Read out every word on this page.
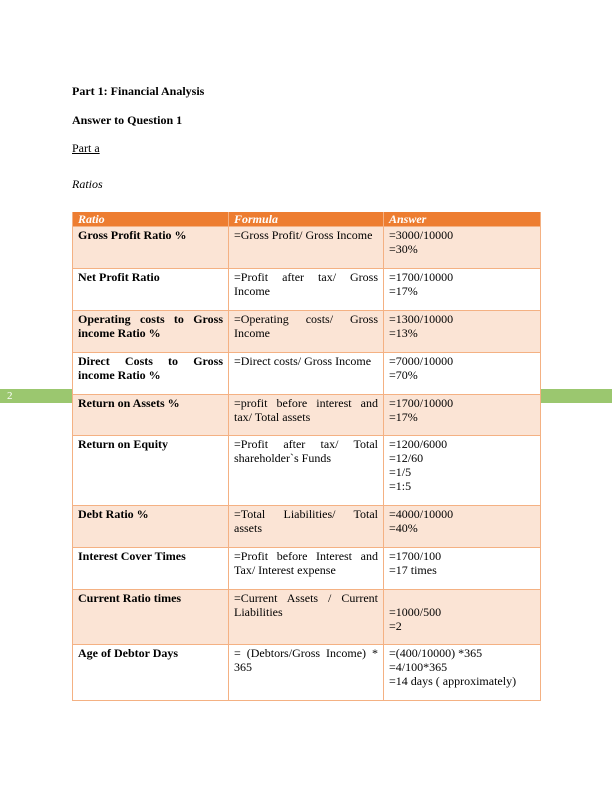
Part 1: Financial Analysis
Answer to Question 1
Part a
Ratios
2
Ratio	Formula	Answer
Gross Profit Ratio %	=Gross Profit/ Gross Income	=3000/10000
=30%

Net Profit Ratio	=Profit after tax/ Gross Income	=1700/10000
=17%

Operating costs to Gross income Ratio %	=Operating costs/ Gross Income	=1300/10000
=13%

Direct Costs to Gross income Ratio %	=Direct costs/ Gross Income	=7000/10000
=70%

Return on Assets %	=profit before interest and tax/ Total assets	=1700/10000
=17%

Return on Equity	=Profit after tax/ Total shareholder`s Funds	=1200/6000
=12/60
=1/5
=1:5

Debt Ratio %	=Total Liabilities/ Total assets	=4000/10000
=40%

Interest Cover Times	=Profit before Interest and Tax/ Interest expense	=1700/100
=17 times

Current Ratio times	=Current Assets / Current Liabilities	=1000/500
=2

Age of Debtor Days	= (Debtors/Gross Income) * 365	=(400/10000) *365
=4/100*365
=14 days ( approximately)
